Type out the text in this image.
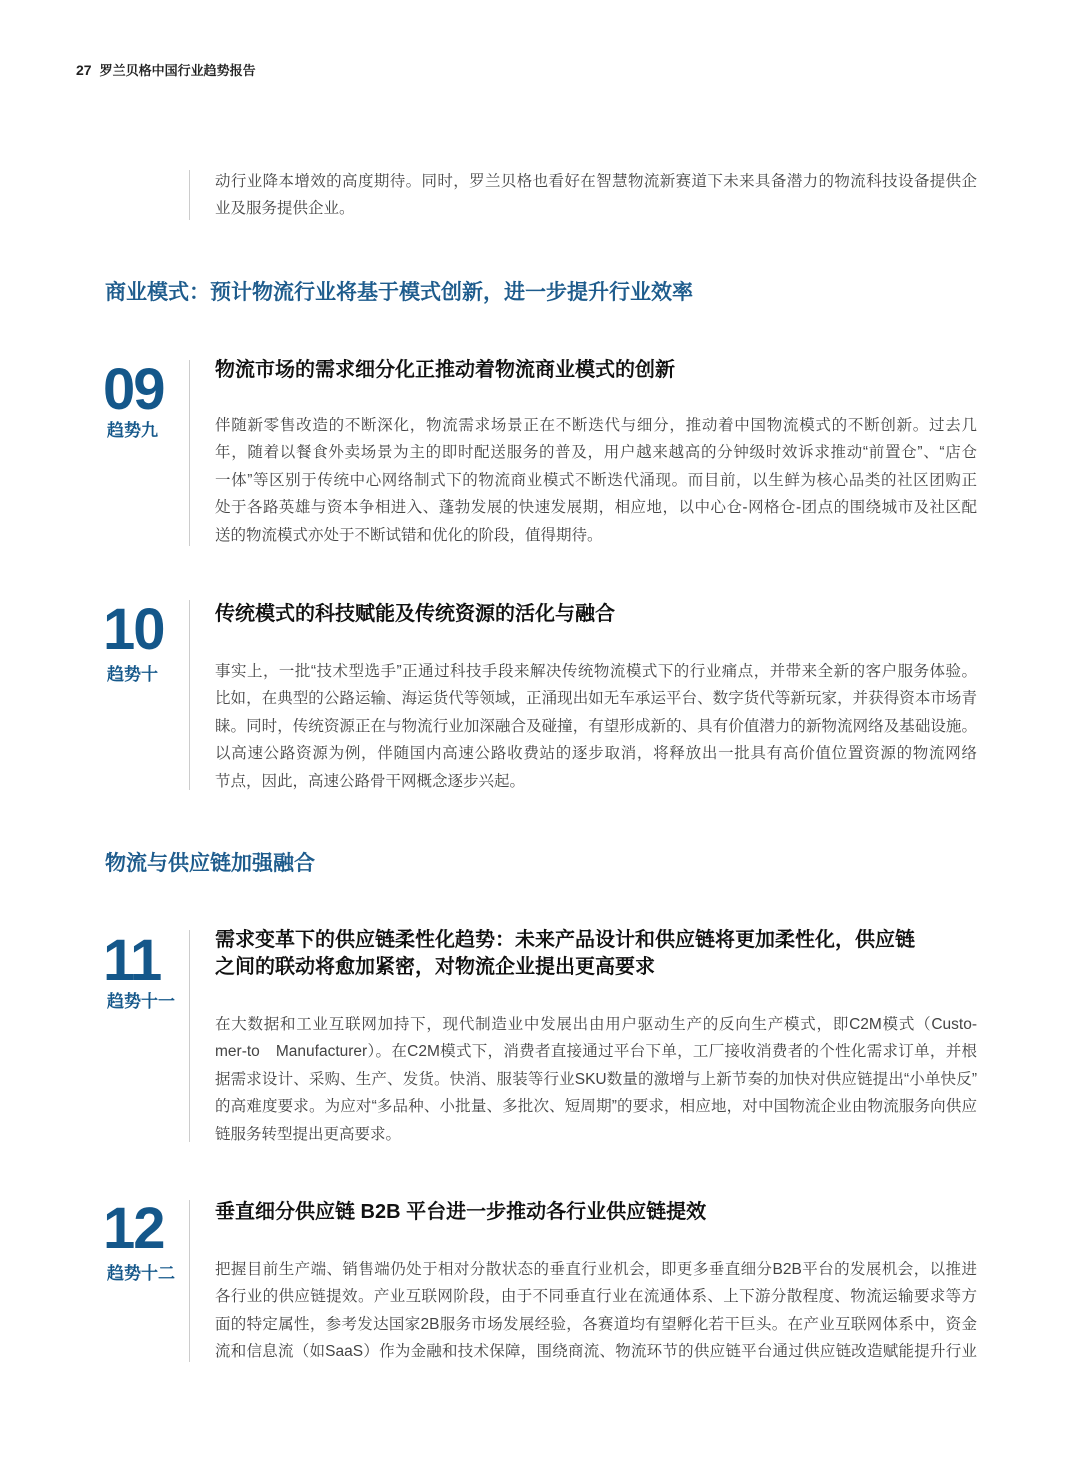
27 罗兰贝格中国行业趋势报告
动行业降本增效的高度期待。同时，罗兰贝格也看好在智慧物流新赛道下未来具备潜力的物流科技设备提供企
业及服务提供企业。
商业模式：预计物流行业将基于模式创新，进一步提升行业效率
09
趋势九
物流市场的需求细分化正推动着物流商业模式的创新
伴随新零售改造的不断深化，物流需求场景正在不断迭代与细分，推动着中国物流模式的不断创新。过去几
年，随着以餐食外卖场景为主的即时配送服务的普及，用户越来越高的分钟级时效诉求推动“前置仓”、“店仓
一体”等区别于传统中心网络制式下的物流商业模式不断迭代涌现。而目前，以生鲜为核心品类的社区团购正
处于各路英雄与资本争相进入、蓬勃发展的快速发展期，相应地，以中心仓-网格仓-团点的围绕城市及社区配
送的物流模式亦处于不断试错和优化的阶段，值得期待。
10
趋势十
传统模式的科技赋能及传统资源的活化与融合
事实上，一批“技术型选手”正通过科技手段来解决传统物流模式下的行业痛点，并带来全新的客户服务体验。
比如，在典型的公路运输、海运货代等领域，正涌现出如无车承运平台、数字货代等新玩家，并获得资本市场青
睐。同时，传统资源正在与物流行业加深融合及碰撞，有望形成新的、具有价值潜力的新物流网络及基础设施。
以高速公路资源为例，伴随国内高速公路收费站的逐步取消，将释放出一批具有高价值位置资源的物流网络
节点，因此，高速公路骨干网概念逐步兴起。
物流与供应链加强融合
11
趋势十一
需求变革下的供应链柔性化趋势：未来产品设计和供应链将更加柔性化，供应链
之间的联动将愈加紧密，对物流企业提出更高要求
在大数据和工业互联网加持下，现代制造业中发展出由用户驱动生产的反向生产模式，即C2M模式（Custo-
mer-to　Manufacturer）。在C2M模式下，消费者直接通过平台下单，工厂接收消费者的个性化需求订单，并根
据需求设计、采购、生产、发货。快消、服装等行业SKU数量的激增与上新节奏的加快对供应链提出“小单快反”
的高难度要求。为应对“多品种、小批量、多批次、短周期”的要求，相应地，对中国物流企业由物流服务向供应
链服务转型提出更高要求。
12
趋势十二
垂直细分供应链 B2B 平台进一步推动各行业供应链提效
把握目前生产端、销售端仍处于相对分散状态的垂直行业机会，即更多垂直细分B2B平台的发展机会，以推进
各行业的供应链提效。产业互联网阶段，由于不同垂直行业在流通体系、上下游分散程度、物流运输要求等方
面的特定属性，参考发达国家2B服务市场发展经验，各赛道均有望孵化若干巨头。在产业互联网体系中，资金
流和信息流（如SaaS）作为金融和技术保障，围绕商流、物流环节的供应链平台通过供应链改造赋能提升行业
